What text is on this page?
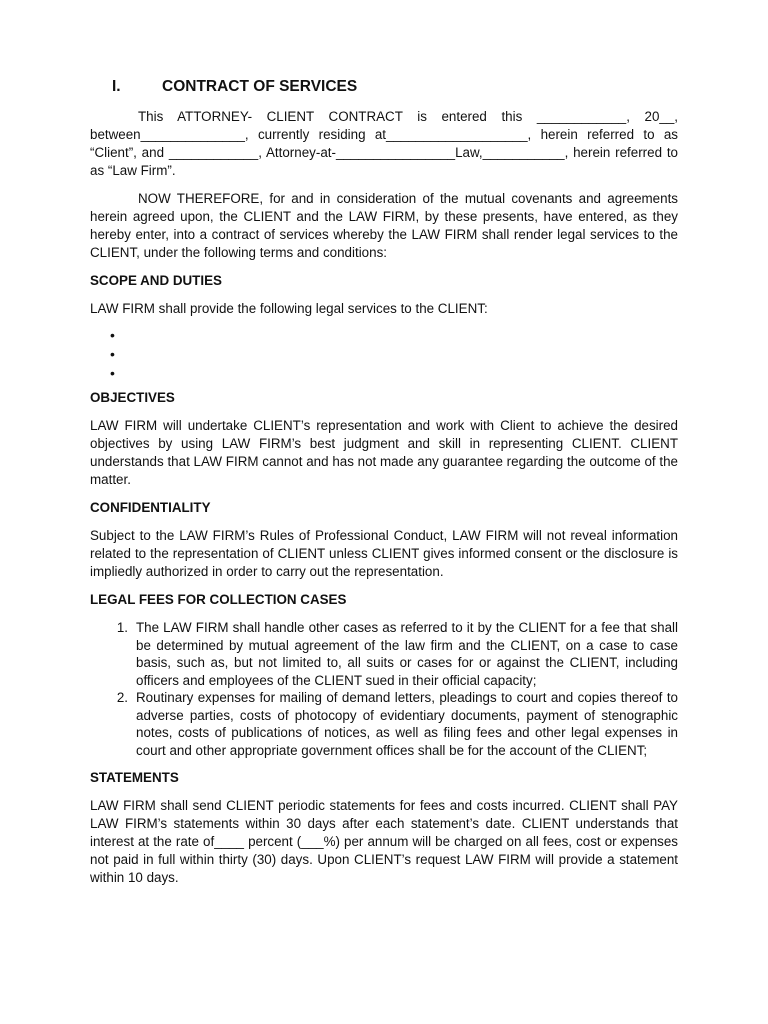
I.	CONTRACT OF SERVICES

This ATTORNEY- CLIENT CONTRACT is entered this ____________, 20__, between______________, currently residing at___________________, herein referred to as “Client”, and ____________, Attorney-at-________________Law,___________, herein referred to as “Law Firm”.

NOW THEREFORE, for and in consideration of the mutual covenants and agreements herein agreed upon, the CLIENT and the LAW FIRM, by these presents, have entered, as they hereby enter, into a contract of services whereby the LAW FIRM shall render legal services to the CLIENT, under the following terms and conditions:

SCOPE AND DUTIES

LAW FIRM shall provide the following legal services to the CLIENT:

•
•
•
OBJECTIVES

LAW FIRM will undertake CLIENT’s representation and work with Client to achieve the desired objectives by using LAW FIRM’s best judgment and skill in representing CLIENT. CLIENT understands that LAW FIRM cannot and has not made any guarantee regarding the outcome of the matter.

CONFIDENTIALITY

Subject to the LAW FIRM’s Rules of Professional Conduct, LAW FIRM will not reveal information related to the representation of CLIENT unless CLIENT gives informed consent or the disclosure is impliedly authorized in order to carry out the representation.

LEGAL FEES FOR COLLECTION CASES
1. The LAW FIRM shall handle other cases as referred to it by the CLIENT for a fee that shall be determined by mutual agreement of the law firm and the CLIENT, on a case to case basis, such as, but not limited to, all suits or cases for or against the CLIENT, including officers and employees of the CLIENT sued in their official capacity;
2. Routinary expenses for mailing of demand letters, pleadings to court and copies thereof to adverse parties, costs of photocopy of evidentiary documents, payment of stenographic notes, costs of publications of notices, as well as filing fees and other legal expenses in court and other appropriate government offices shall be for the account of the CLIENT;
STATEMENTS

LAW FIRM shall send CLIENT periodic statements for fees and costs incurred. CLIENT shall PAY LAW FIRM’s statements within 30 days after each statement’s date. CLIENT understands that interest at the rate of____ percent (___%) per annum will be charged on all fees, cost or expenses not paid in full within thirty (30) days. Upon CLIENT’s request LAW FIRM will provide a statement within 10 days.
